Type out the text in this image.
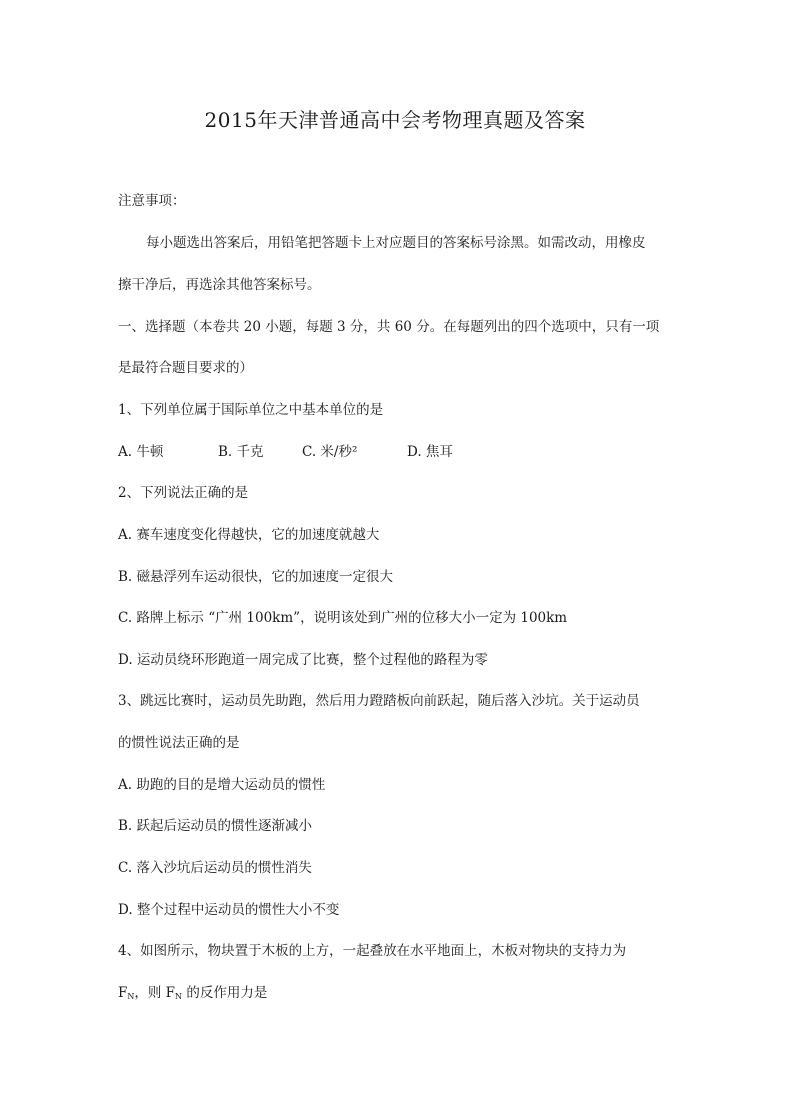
2015年天津普通高中会考物理真题及答案
注意事项：
每小题选出答案后，用铅笔把答题卡上对应题目的答案标号涂黑。如需改动，用橡皮
擦干净后，再选涂其他答案标号。
一、选择题（本卷共 20 小题，每题 3 分，共 60 分。在每题列出的四个选项中，只有一项
是最符合题目要求的）
1、下列单位属于国际单位之中基本单位的是
A. 牛顿	B. 千克	C. 米/秒²	D. 焦耳
2、下列说法正确的是
A. 赛车速度变化得越快，它的加速度就越大
B. 磁悬浮列车运动很快，它的加速度一定很大
C. 路牌上标示 “广州 100km”，说明该处到广州的位移大小一定为 100km
D. 运动员绕环形跑道一周完成了比赛，整个过程他的路程为零
3、跳远比赛时，运动员先助跑，然后用力蹬踏板向前跃起，随后落入沙坑。关于运动员
的惯性说法正确的是
A. 助跑的目的是增大运动员的惯性
B. 跃起后运动员的惯性逐渐减小
C. 落入沙坑后运动员的惯性消失
D. 整个过程中运动员的惯性大小不变
4、如图所示，物块置于木板的上方，一起叠放在水平地面上，木板对物块的支持力为
$F_N$，则 $F_N$ 的反作用力是
